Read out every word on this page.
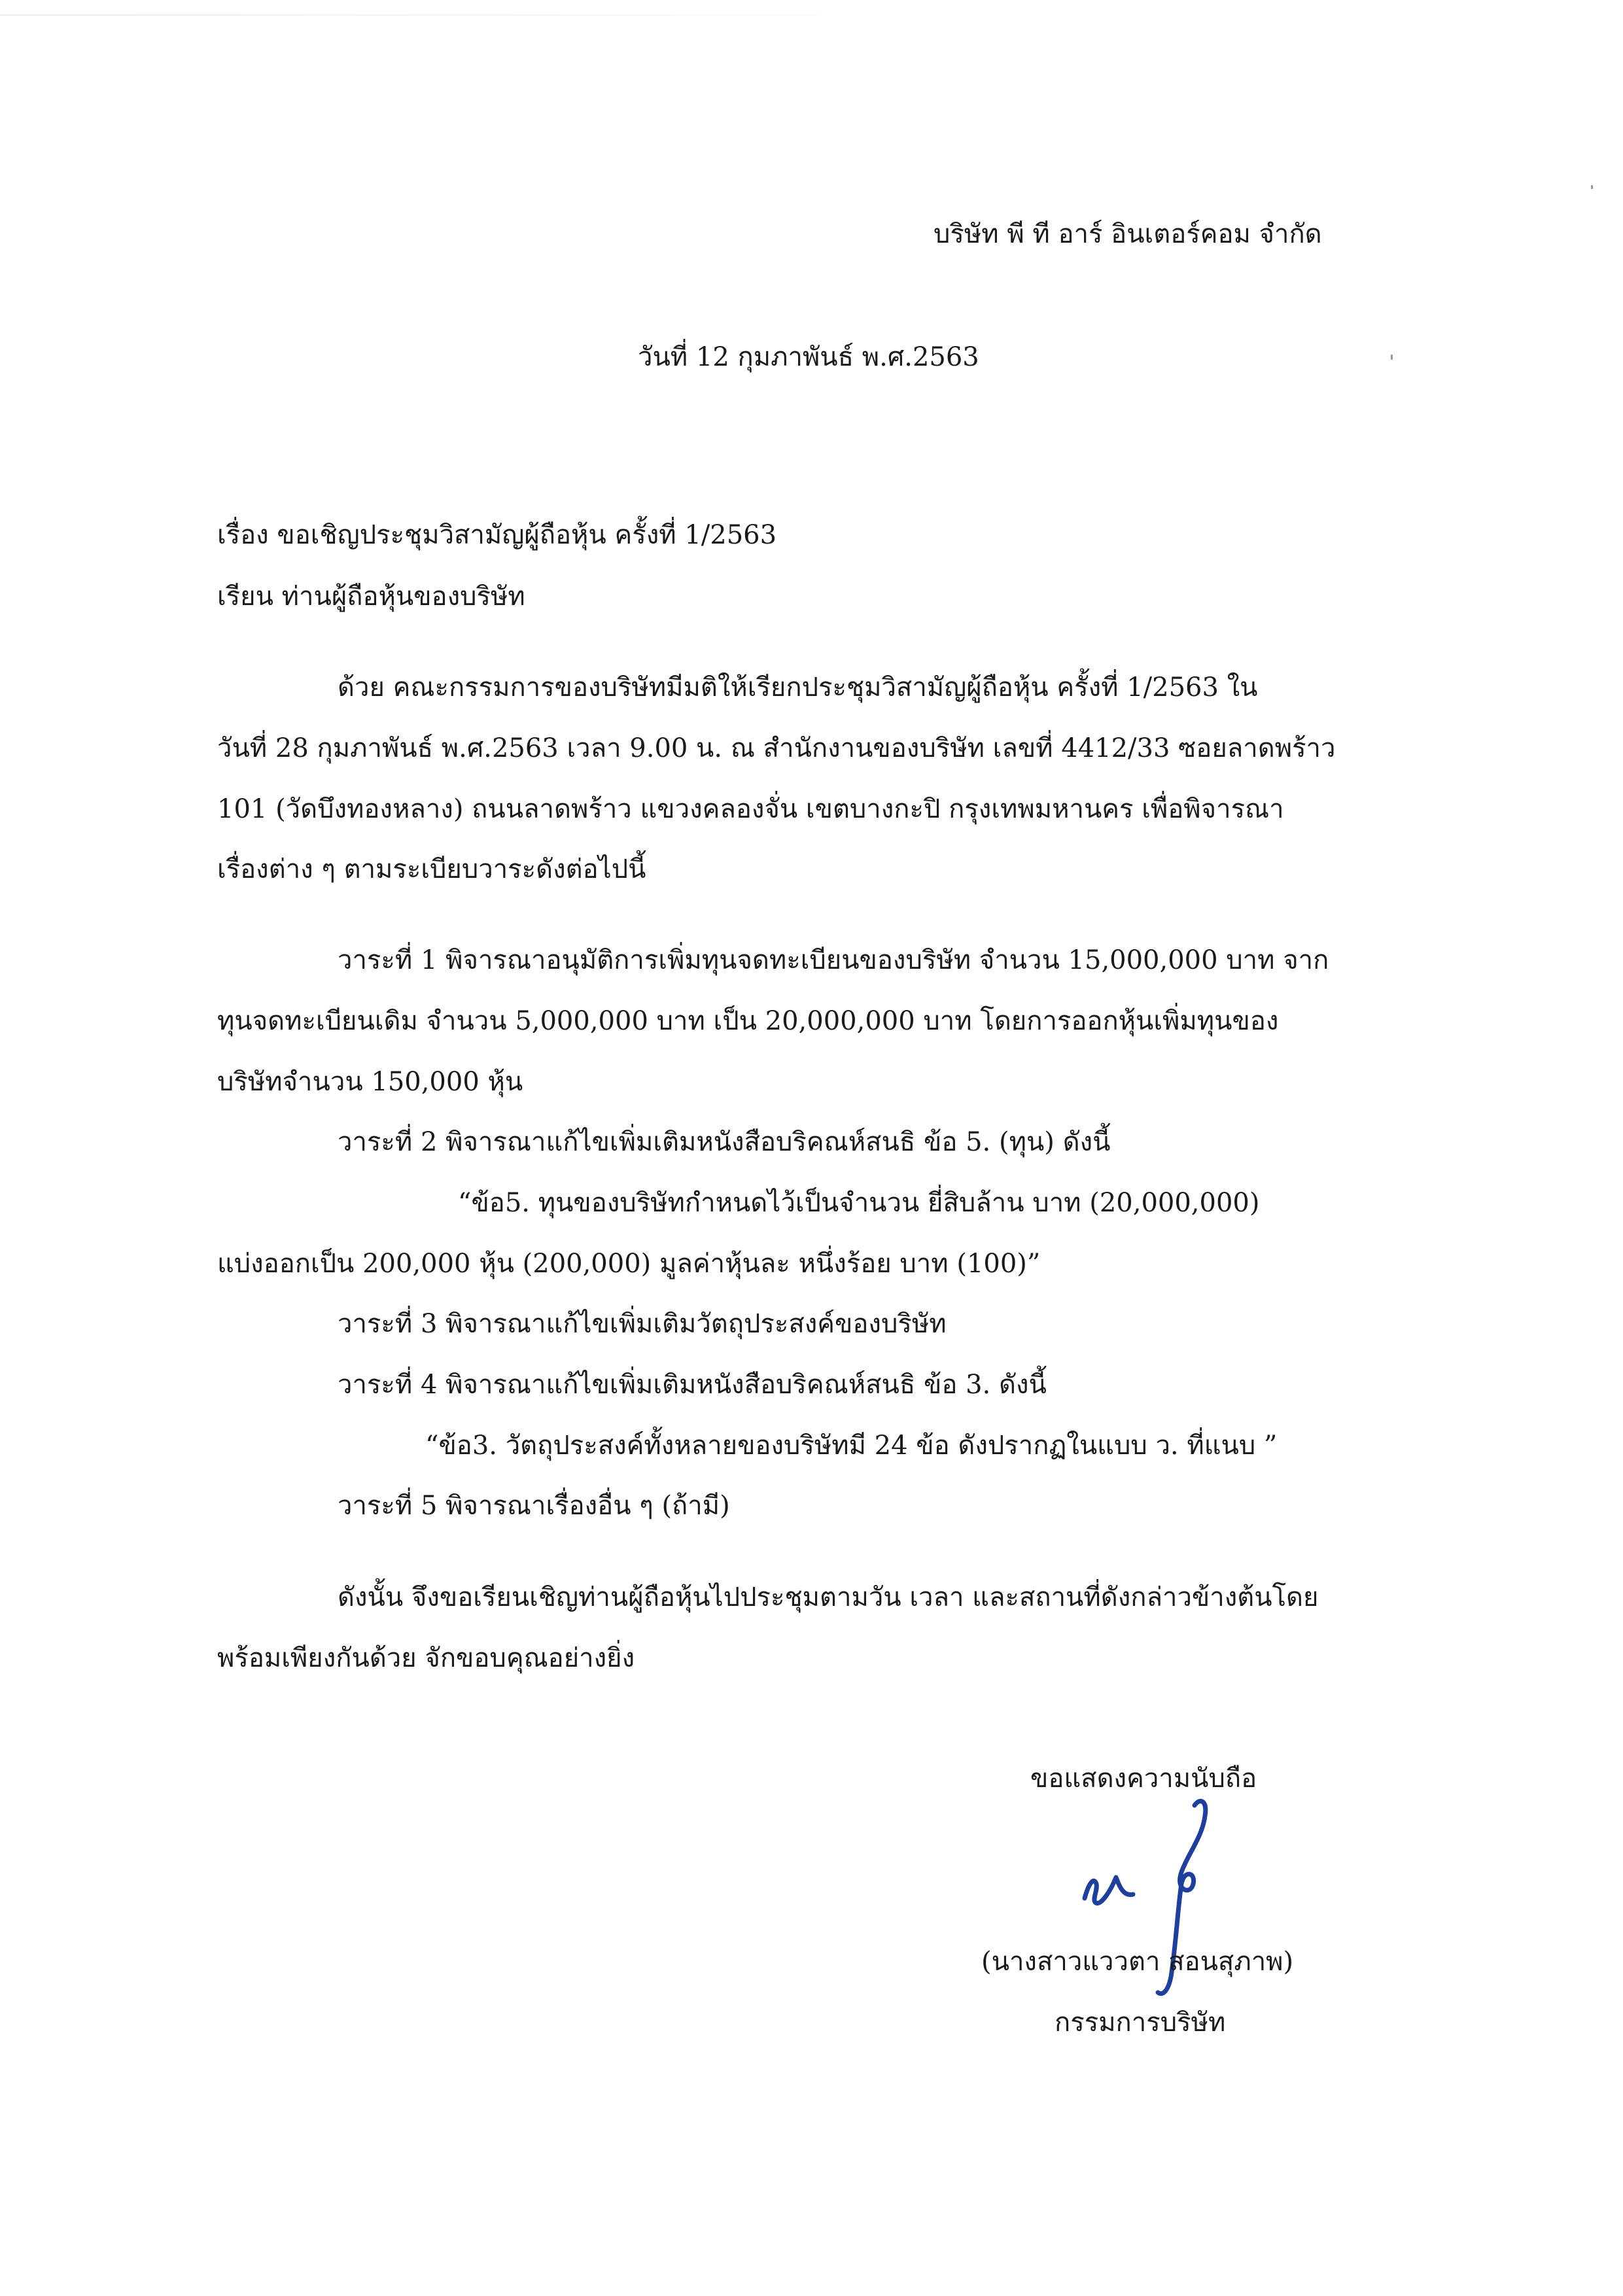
บริษัท พี ที อาร์ อินเตอร์คอม จำกัด
วันที่ 12 กุมภาพันธ์ พ.ศ.2563
เรื่อง ขอเชิญประชุมวิสามัญผู้ถือหุ้น ครั้งที่ 1/2563
เรียน ท่านผู้ถือหุ้นของบริษัท
ด้วย คณะกรรมการของบริษัทมีมติให้เรียกประชุมวิสามัญผู้ถือหุ้น ครั้งที่ 1/2563 ใน
วันที่ 28 กุมภาพันธ์ พ.ศ.2563 เวลา 9.00 น. ณ สำนักงานของบริษัท เลขที่ 4412/33 ซอยลาดพร้าว
101 (วัดบึงทองหลาง) ถนนลาดพร้าว แขวงคลองจั่น เขตบางกะปิ กรุงเทพมหานคร เพื่อพิจารณา
เรื่องต่าง ๆ ตามระเบียบวาระดังต่อไปนี้
วาระที่ 1 พิจารณาอนุมัติการเพิ่มทุนจดทะเบียนของบริษัท จำนวน 15,000,000 บาท จาก
ทุนจดทะเบียนเดิม จำนวน 5,000,000 บาท เป็น 20,000,000 บาท โดยการออกหุ้นเพิ่มทุนของ
บริษัทจำนวน 150,000 หุ้น
วาระที่ 2 พิจารณาแก้ไขเพิ่มเติมหนังสือบริคณห์สนธิ ข้อ 5. (ทุน) ดังนี้
“ข้อ5. ทุนของบริษัทกำหนดไว้เป็นจำนวน ยี่สิบล้าน บาท (20,000,000)
แบ่งออกเป็น 200,000 หุ้น (200,000) มูลค่าหุ้นละ หนึ่งร้อย บาท (100)”
วาระที่ 3 พิจารณาแก้ไขเพิ่มเติมวัตถุประสงค์ของบริษัท
วาระที่ 4 พิจารณาแก้ไขเพิ่มเติมหนังสือบริคณห์สนธิ ข้อ 3. ดังนี้
“ข้อ3. วัตถุประสงค์ทั้งหลายของบริษัทมี 24 ข้อ ดังปรากฏในแบบ ว. ที่แนบ ”
วาระที่ 5 พิจารณาเรื่องอื่น ๆ (ถ้ามี)
ดังนั้น จึงขอเรียนเชิญท่านผู้ถือหุ้นไปประชุมตามวัน เวลา และสถานที่ดังกล่าวข้างต้นโดย
พร้อมเพียงกันด้วย จักขอบคุณอย่างยิ่ง
ขอแสดงความนับถือ
(นางสาวแววตา สอนสุภาพ)
กรรมการบริษัท
